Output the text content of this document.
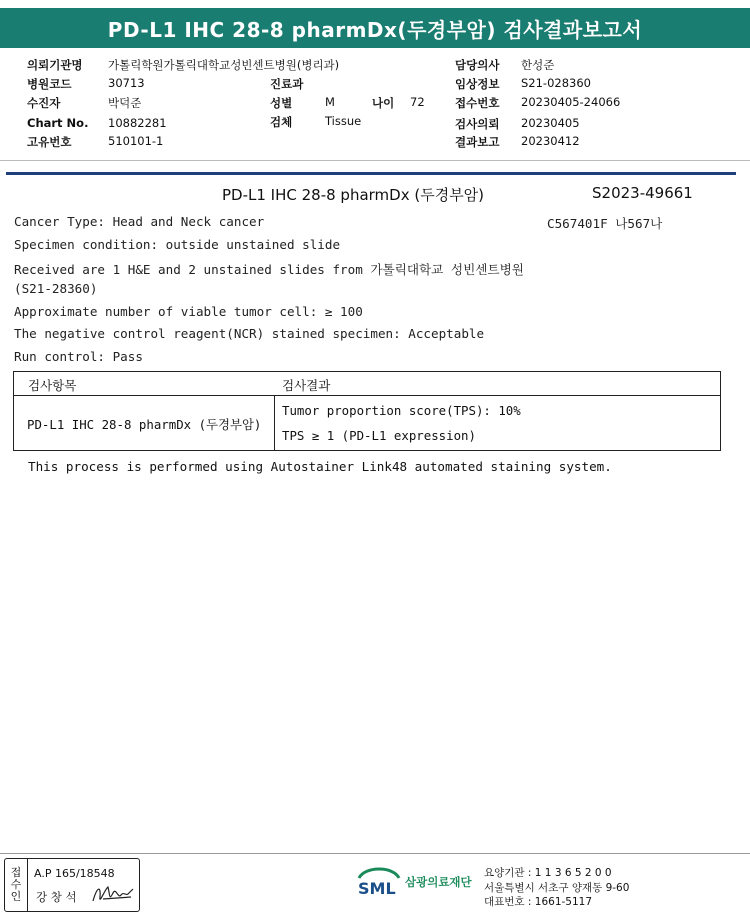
PD-L1 IHC 28-8 pharmDx(두경부암) 검사결과보고서
의뢰기관명 가톨릭학원가톨릭대학교성빈센트병원(병리과)
병원코드	30713
수진자	박덕준
Chart No. 10882281
고유번호	510101-1
진료과
성별	M	나이 72
검체	Tissue
담당의사 한성준
임상정보 S21-028360
접수번호 20230405-24066
검사의뢰 20230405
결과보고 20230412
PD-L1 IHC 28-8 pharmDx (두경부암)	S2023-49661
C567401F 나567나
Cancer Type: Head and Neck cancer
Specimen condition: outside unstained slide
Received are 1 H&E and 2 unstained slides from 가톨릭대학교 성빈센트병원
(S21-28360)
Approximate number of viable tumor cell: ≥ 100
The negative control reagent(NCR) stained specimen: Acceptable
Run control: Pass
검사항목	검사결과
PD-L1 IHC 28-8 pharmDx (두경부암)
Tumor proportion score(TPS): 10%
TPS ≥ 1 (PD-L1 expression)
This process is performed using Autostainer Link48 automated staining system.
접
수
인
A.P 165/18548
강 창 석	SML 삼광의료재단
요양기관 : 1 1 3 6 5 2 0 0
서울특별시 서초구 양재동 9-60
대표번호 : 1661-5117
